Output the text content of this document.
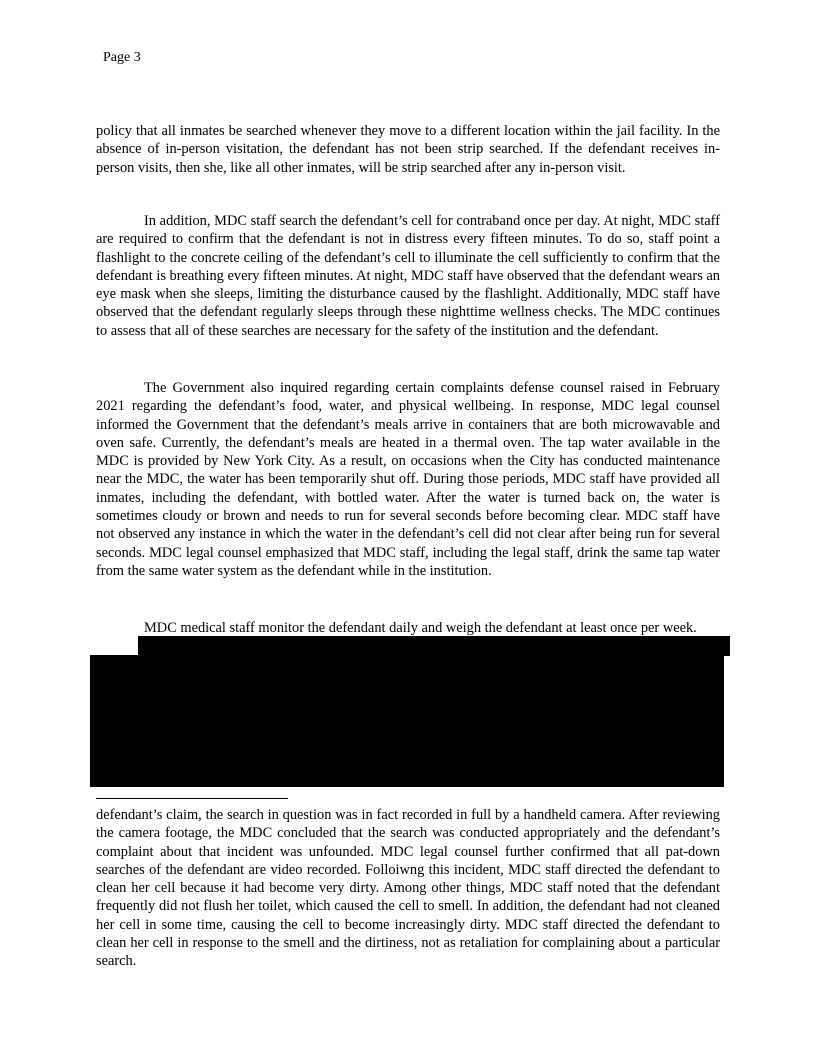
Page 3

policy that all inmates be searched whenever they move to a different location within the jail facility. In the absence of in-person visitation, the defendant has not been strip searched. If the defendant receives in-person visits, then she, like all other inmates, will be strip searched after any in-person visit.

In addition, MDC staff search the defendant’s cell for contraband once per day. At night, MDC staff are required to confirm that the defendant is not in distress every fifteen minutes. To do so, staff point a flashlight to the concrete ceiling of the defendant’s cell to illuminate the cell sufficiently to confirm that the defendant is breathing every fifteen minutes. At night, MDC staff have observed that the defendant wears an eye mask when she sleeps, limiting the disturbance caused by the flashlight. Additionally, MDC staff have observed that the defendant regularly sleeps through these nighttime wellness checks. The MDC continues to assess that all of these searches are necessary for the safety of the institution and the defendant.

The Government also inquired regarding certain complaints defense counsel raised in February 2021 regarding the defendant’s food, water, and physical wellbeing. In response, MDC legal counsel informed the Government that the defendant’s meals arrive in containers that are both microwavable and oven safe. Currently, the defendant’s meals are heated in a thermal oven. The tap water available in the MDC is provided by New York City. As a result, on occasions when the City has conducted maintenance near the MDC, the water has been temporarily shut off. During those periods, MDC staff have provided all inmates, including the defendant, with bottled water. After the water is turned back on, the water is sometimes cloudy or brown and needs to run for several seconds before becoming clear. MDC staff have not observed any instance in which the water in the defendant’s cell did not clear after being run for several seconds. MDC legal counsel emphasized that MDC staff, including the legal staff, drink the same tap water from the same water system as the defendant while in the institution.

MDC medical staff monitor the defendant daily and weigh the defendant at least once per week.

defendant’s claim, the search in question was in fact recorded in full by a handheld camera. After reviewing the camera footage, the MDC concluded that the search was conducted appropriately and the defendant’s complaint about that incident was unfounded. MDC legal counsel further confirmed that all pat-down searches of the defendant are video recorded. Folloiwng this incident, MDC staff directed the defendant to clean her cell because it had become very dirty. Among other things, MDC staff noted that the defendant frequently did not flush her toilet, which caused the cell to smell. In addition, the defendant had not cleaned her cell in some time, causing the cell to become increasingly dirty. MDC staff directed the defendant to clean her cell in response to the smell and the dirtiness, not as retaliation for complaining about a particular search.
